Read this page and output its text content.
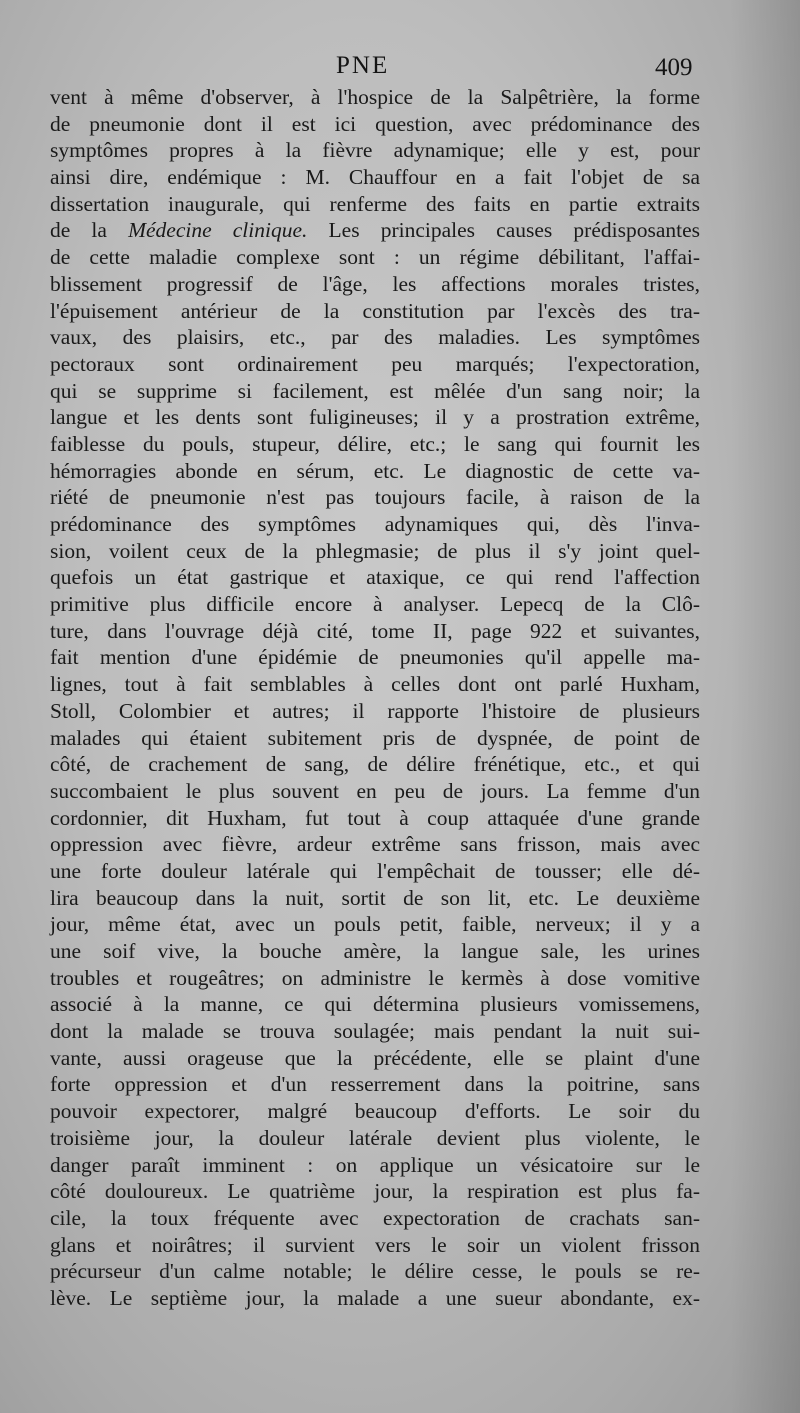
PNE	409
vent à même d'observer, à l'hospice de la Salpêtrière, la forme
de pneumonie dont il est ici question, avec prédominance des
symptômes propres à la fièvre adynamique; elle y est, pour
ainsi dire, endémique : M. Chauffour en a fait l'objet de sa
dissertation inaugurale, qui renferme des faits en partie extraits
de la Médecine clinique. Les principales causes prédisposantes
de cette maladie complexe sont : un régime débilitant, l'affai-
blissement progressif de l'âge, les affections morales tristes,
l'épuisement antérieur de la constitution par l'excès des tra-
vaux, des plaisirs, etc., par des maladies. Les symptômes
pectoraux sont ordinairement peu marqués; l'expectoration,
qui se supprime si facilement, est mêlée d'un sang noir; la
langue et les dents sont fuligineuses; il y a prostration extrême,
faiblesse du pouls, stupeur, délire, etc.; le sang qui fournit les
hémorragies abonde en sérum, etc. Le diagnostic de cette va-
riété de pneumonie n'est pas toujours facile, à raison de la
prédominance des symptômes adynamiques qui, dès l'inva-
sion, voilent ceux de la phlegmasie; de plus il s'y joint quel-
quefois un état gastrique et ataxique, ce qui rend l'affection
primitive plus difficile encore à analyser. Lepecq de la Clô-
ture, dans l'ouvrage déjà cité, tome II, page 922 et suivantes,
fait mention d'une épidémie de pneumonies qu'il appelle ma-
lignes, tout à fait semblables à celles dont ont parlé Huxham,
Stoll, Colombier et autres; il rapporte l'histoire de plusieurs
malades qui étaient subitement pris de dyspnée, de point de
côté, de crachement de sang, de délire frénétique, etc., et qui
succombaient le plus souvent en peu de jours. La femme d'un
cordonnier, dit Huxham, fut tout à coup attaquée d'une grande
oppression avec fièvre, ardeur extrême sans frisson, mais avec
une forte douleur latérale qui l'empêchait de tousser; elle dé-
lira beaucoup dans la nuit, sortit de son lit, etc. Le deuxième
jour, même état, avec un pouls petit, faible, nerveux; il y a
une soif vive, la bouche amère, la langue sale, les urines
troubles et rougeâtres; on administre le kermès à dose vomitive
associé à la manne, ce qui détermina plusieurs vomissemens,
dont la malade se trouva soulagée; mais pendant la nuit sui-
vante, aussi orageuse que la précédente, elle se plaint d'une
forte oppression et d'un resserrement dans la poitrine, sans
pouvoir expectorer, malgré beaucoup d'efforts. Le soir du
troisième jour, la douleur latérale devient plus violente, le
danger paraît imminent : on applique un vésicatoire sur le
côté douloureux. Le quatrième jour, la respiration est plus fa-
cile, la toux fréquente avec expectoration de crachats san-
glans et noirâtres; il survient vers le soir un violent frisson
précurseur d'un calme notable; le délire cesse, le pouls se re-
lève. Le septième jour, la malade a une sueur abondante, ex-
